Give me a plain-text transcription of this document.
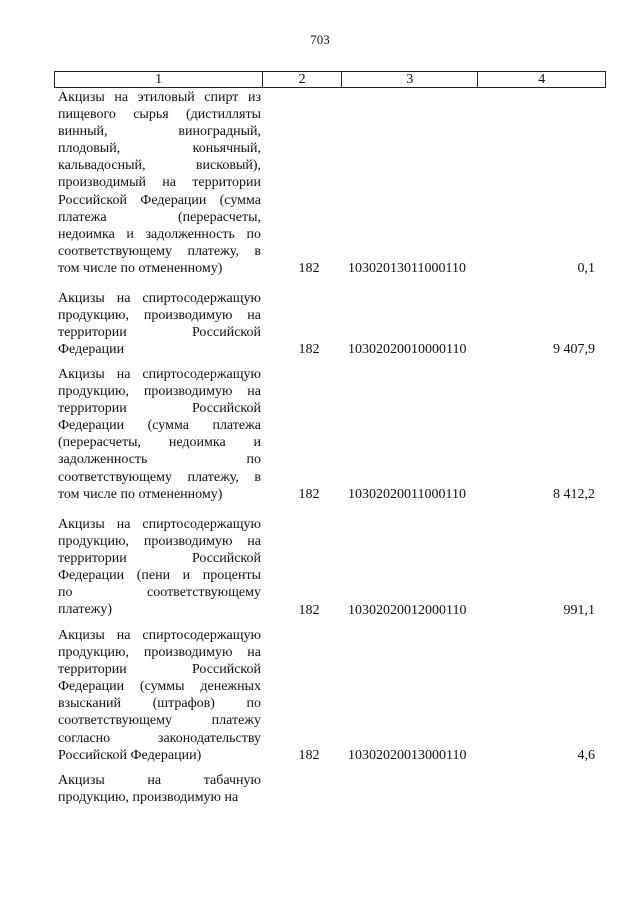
703
1	2	3	4
Акцизы на этиловый спирт из
пищевого сырья (дистилляты
винный, виноградный,
плодовый, коньячный,
кальвадосный, висковый),
производимый на территории
Российской Федерации (сумма
платежа (перерасчеты,
недоимка и задолженность по
соответствующему платежу, в
том числе по отмененному)	182	10302013011000110	0,1
Акцизы на спиртосодержащую
продукцию, производимую на
территории Российской
Федерации	182	10302020010000110	9 407,9
Акцизы на спиртосодержащую
продукцию, производимую на
территории Российской
Федерации (сумма платежа
(перерасчеты, недоимка и
задолженность по
соответствующему платежу, в
том числе по отмененному)	182	10302020011000110	8 412,2
Акцизы на спиртосодержащую
продукцию, производимую на
территории Российской
Федерации (пени и проценты
по соответствующему
платежу)	182	10302020012000110	991,1
Акцизы на спиртосодержащую
продукцию, производимую на
территории Российской
Федерации (суммы денежных
взысканий (штрафов) по
соответствующему платежу
согласно законодательству
Российской Федерации)	182	10302020013000110	4,6
Акцизы на табачную
продукцию, производимую на
